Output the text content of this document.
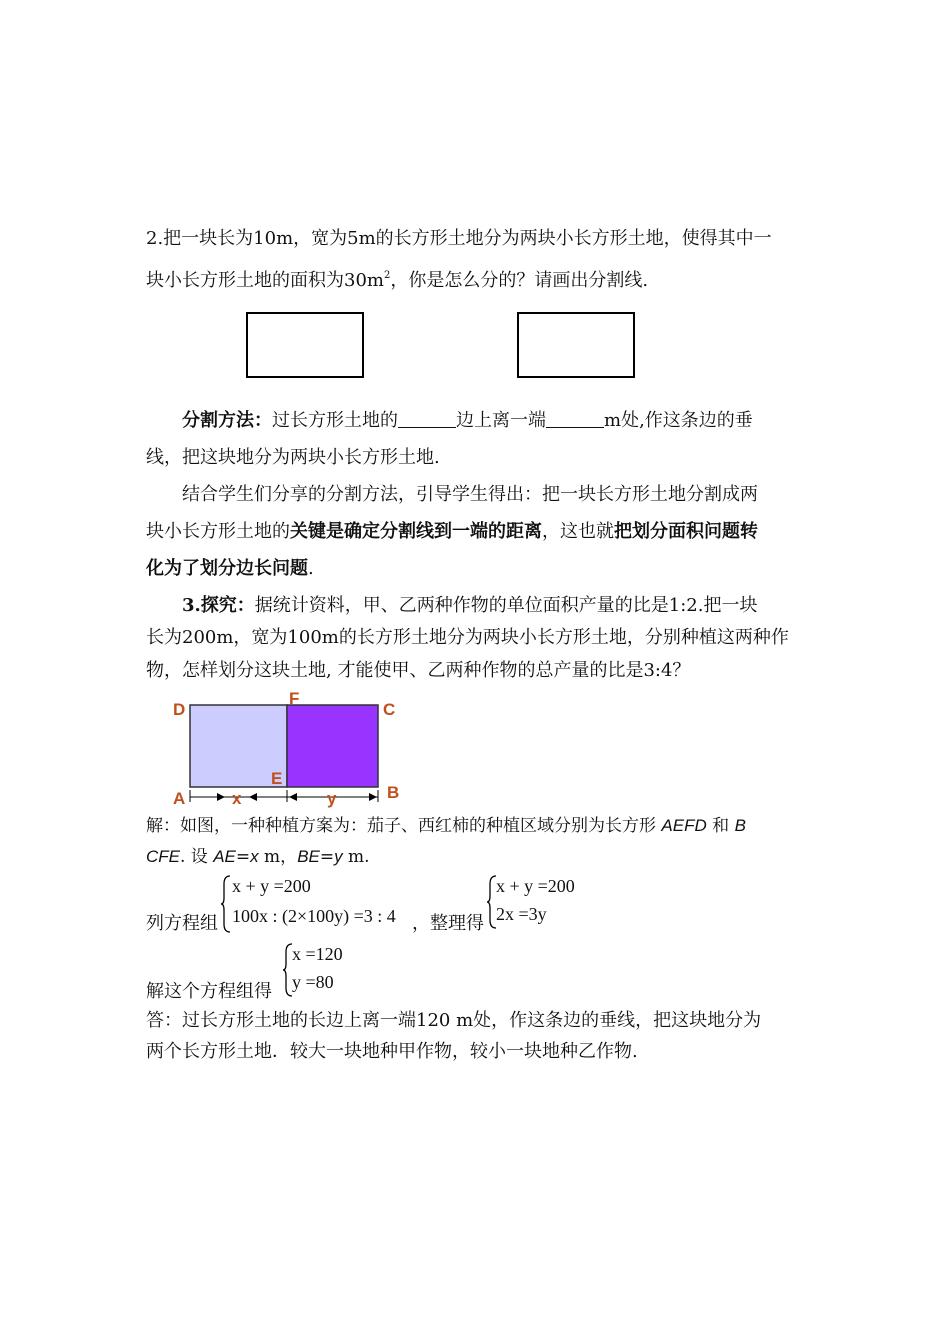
2.把一块长为10m，宽为5m的长方形土地分为两块小长方形土地，使得其中一
块小长方形土地的面积为$30m^2$，你是怎么分的？请画出分割线.
分割方法：过长方形土地的	边上离一端	m处,作这条边的垂
线，把这块地分为两块小长方形土地.
结合学生们分享的分割方法，引导学生得出：把一块长方形土地分割成两
块小长方形土地的关键是确定分割线到一端的距离，这也就把划分面积问题转
化为了划分边长问题.
3.探究：据统计资料，甲、乙两种作物的单位面积产量的比是1:2.把一块
长为200m，宽为100m的长方形土地分为两块小长方形土地，分别种植这两种作
物，怎样划分这块土地, 才能使甲、乙两种作物的总产量的比是3:4？
D
F
C
E
A	B
x	y
解：如图，一种种植方案为：茄子、西红柿的种植区域分别为长方形 AEFD 和 B
CFE. 设 AE=x m，BE=y m.
列方程组
x + y =200
100x : (2×100y) =3 : 4 ，整理得
x + y =200
2x =3y
解这个方程组得
x =120
y =80
答：过长方形土地的长边上离一端120 m处，作这条边的垂线，把这块地分为
两个长方形土地．较大一块地种甲作物，较小一块地种乙作物.
